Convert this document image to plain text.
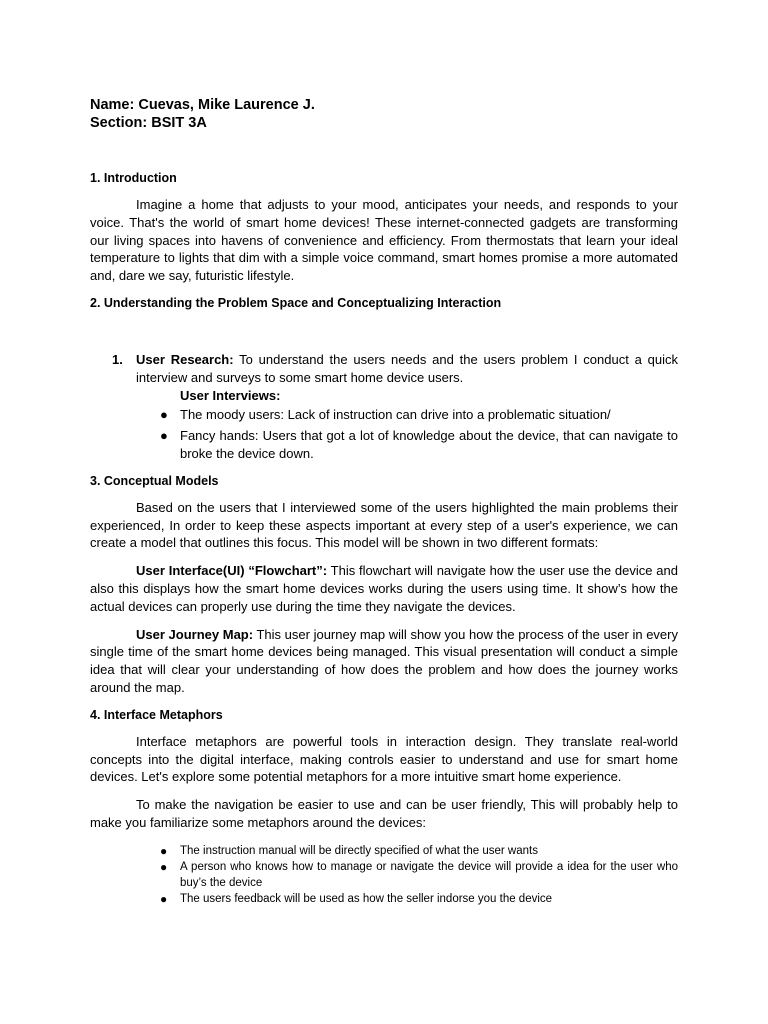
Name: Cuevas, Mike Laurence J.

Section: BSIT 3A

1. Introduction

Imagine a home that adjusts to your mood, anticipates your needs, and responds to your voice. That's the world of smart home devices! These internet-connected gadgets are transforming our living spaces into havens of convenience and efficiency. From thermostats that learn your ideal temperature to lights that dim with a simple voice command, smart homes promise a more automated and, dare we say, futuristic lifestyle.

2. Understanding the Problem Space and Conceptualizing Interaction

1. User Research: To understand the users needs and the users problem I conduct a quick interview and surveys to some smart home device users.

User Interviews:

● The moody users: Lack of instruction can drive into a problematic situation/
● Fancy hands: Users that got a lot of knowledge about the device, that can navigate to broke the device down.

3. Conceptual Models

Based on the users that I interviewed some of the users highlighted the main problems their experienced, In order to keep these aspects important at every step of a user's experience, we can create a model that outlines this focus. This model will be shown in two different formats:

User Interface(UI) “Flowchart”: This flowchart will navigate how the user use the device and also this displays how the smart home devices works during the users using time. It show’s how the actual devices can properly use during the time they navigate the devices.

User Journey Map: This user journey map will show you how the process of the user in every single time of the smart home devices being managed. This visual presentation will conduct a simple idea that will clear your understanding of how does the problem and how does the journey works around the map.

4. Interface Metaphors

Interface metaphors are powerful tools in interaction design. They translate real-world concepts into the digital interface, making controls easier to understand and use for smart home devices. Let's explore some potential metaphors for a more intuitive smart home experience.

To make the navigation be easier to use and can be user friendly, This will probably help to make you familiarize some metaphors around the devices:

● The instruction manual will be directly specified of what the user wants
● A person who knows how to manage or navigate the device will provide a idea for the user who buy’s the device
● The users feedback will be used as how the seller indorse you the device
